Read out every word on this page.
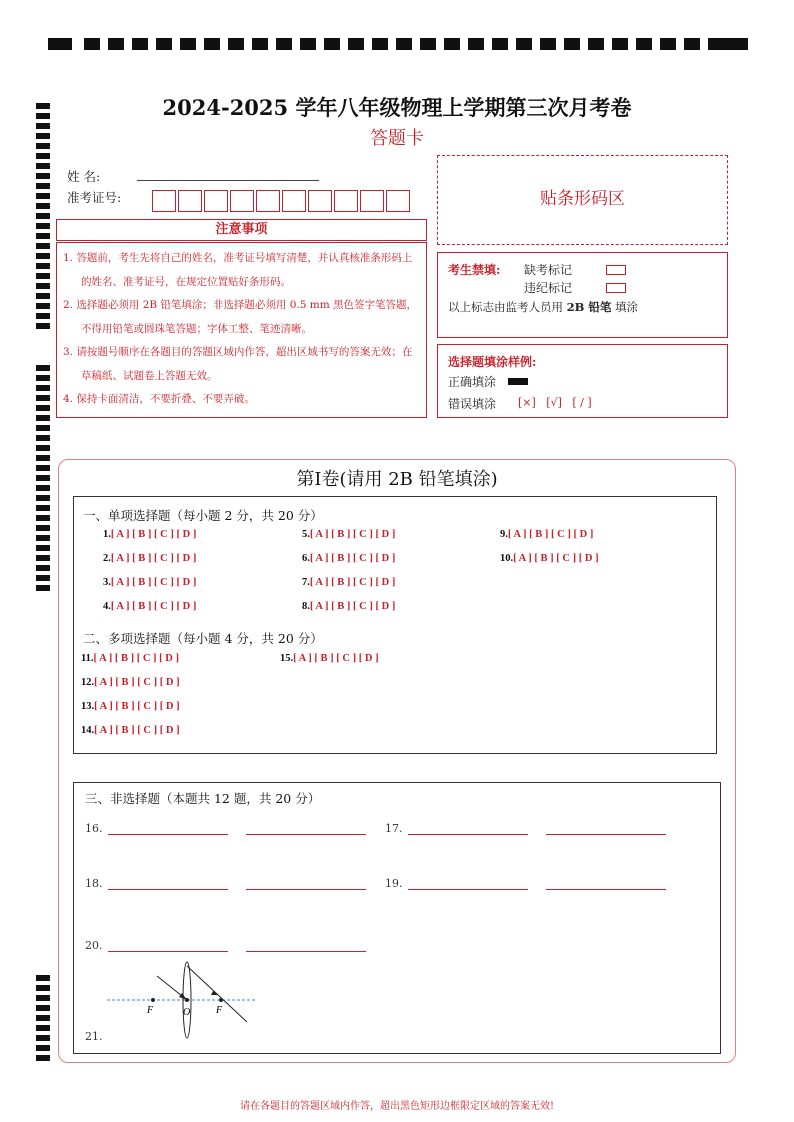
2024-2025 学年八年级物理上学期第三次月考卷
答题卡
姓 名:
准考证号:	贴条形码区
注意事项
1. 答题前，考生先将自己的姓名，准考证号填写清楚，并认真核准条形码上的姓名、准考证号，在规定位置贴好条形码。
2. 选择题必须用 2B 铅笔填涂；非选择题必须用 0.5 mm 黑色签字笔答题，不得用铅笔或圆珠笔答题；字体工整、笔迹清晰。
3. 请按题号顺序在各题目的答题区域内作答，超出区域书写的答案无效；在草稿纸、试题卷上答题无效。
4. 保持卡面清洁，不要折叠、不要弄破。
考生禁填: 缺考标记
违纪标记
以上标志由监考人员用 2B 铅笔 填涂
选择题填涂样例:
正确填涂
错误填涂 [×]   [√]   [ / ]
第Ⅰ卷(请用 2B 铅笔填涂)
一、单项选择题（每小题 2 分，共 20 分）
1.[ A ] [ B ] [ C ] [ D ]
2.[ A ] [ B ] [ C ] [ D ]
3.[ A ] [ B ] [ C ] [ D ]
4.[ A ] [ B ] [ C ] [ D ]
5.[ A ] [ B ] [ C ] [ D ]
6.[ A ] [ B ] [ C ] [ D ]
7.[ A ] [ B ] [ C ] [ D ]
8.[ A ] [ B ] [ C ] [ D ]
9.[ A ] [ B ] [ C ] [ D ]
10.[ A ] [ B ] [ C ] [ D ]
二、多项选择题（每小题 4 分，共 20 分）
11.[ A ] [ B ] [ C ] [ D ]
12.[ A ] [ B ] [ C ] [ D ]
13.[ A ] [ B ] [ C ] [ D ]
14.[ A ] [ B ] [ C ] [ D ]
15.[ A ] [ B ] [ C ] [ D ]
三、非选择题（本题共 12 题，共 20 分）
16.	17.
18.	19.
20.
F	O	F
21.
请在各题目的答题区域内作答，超出黑色矩形边框限定区域的答案无效!
